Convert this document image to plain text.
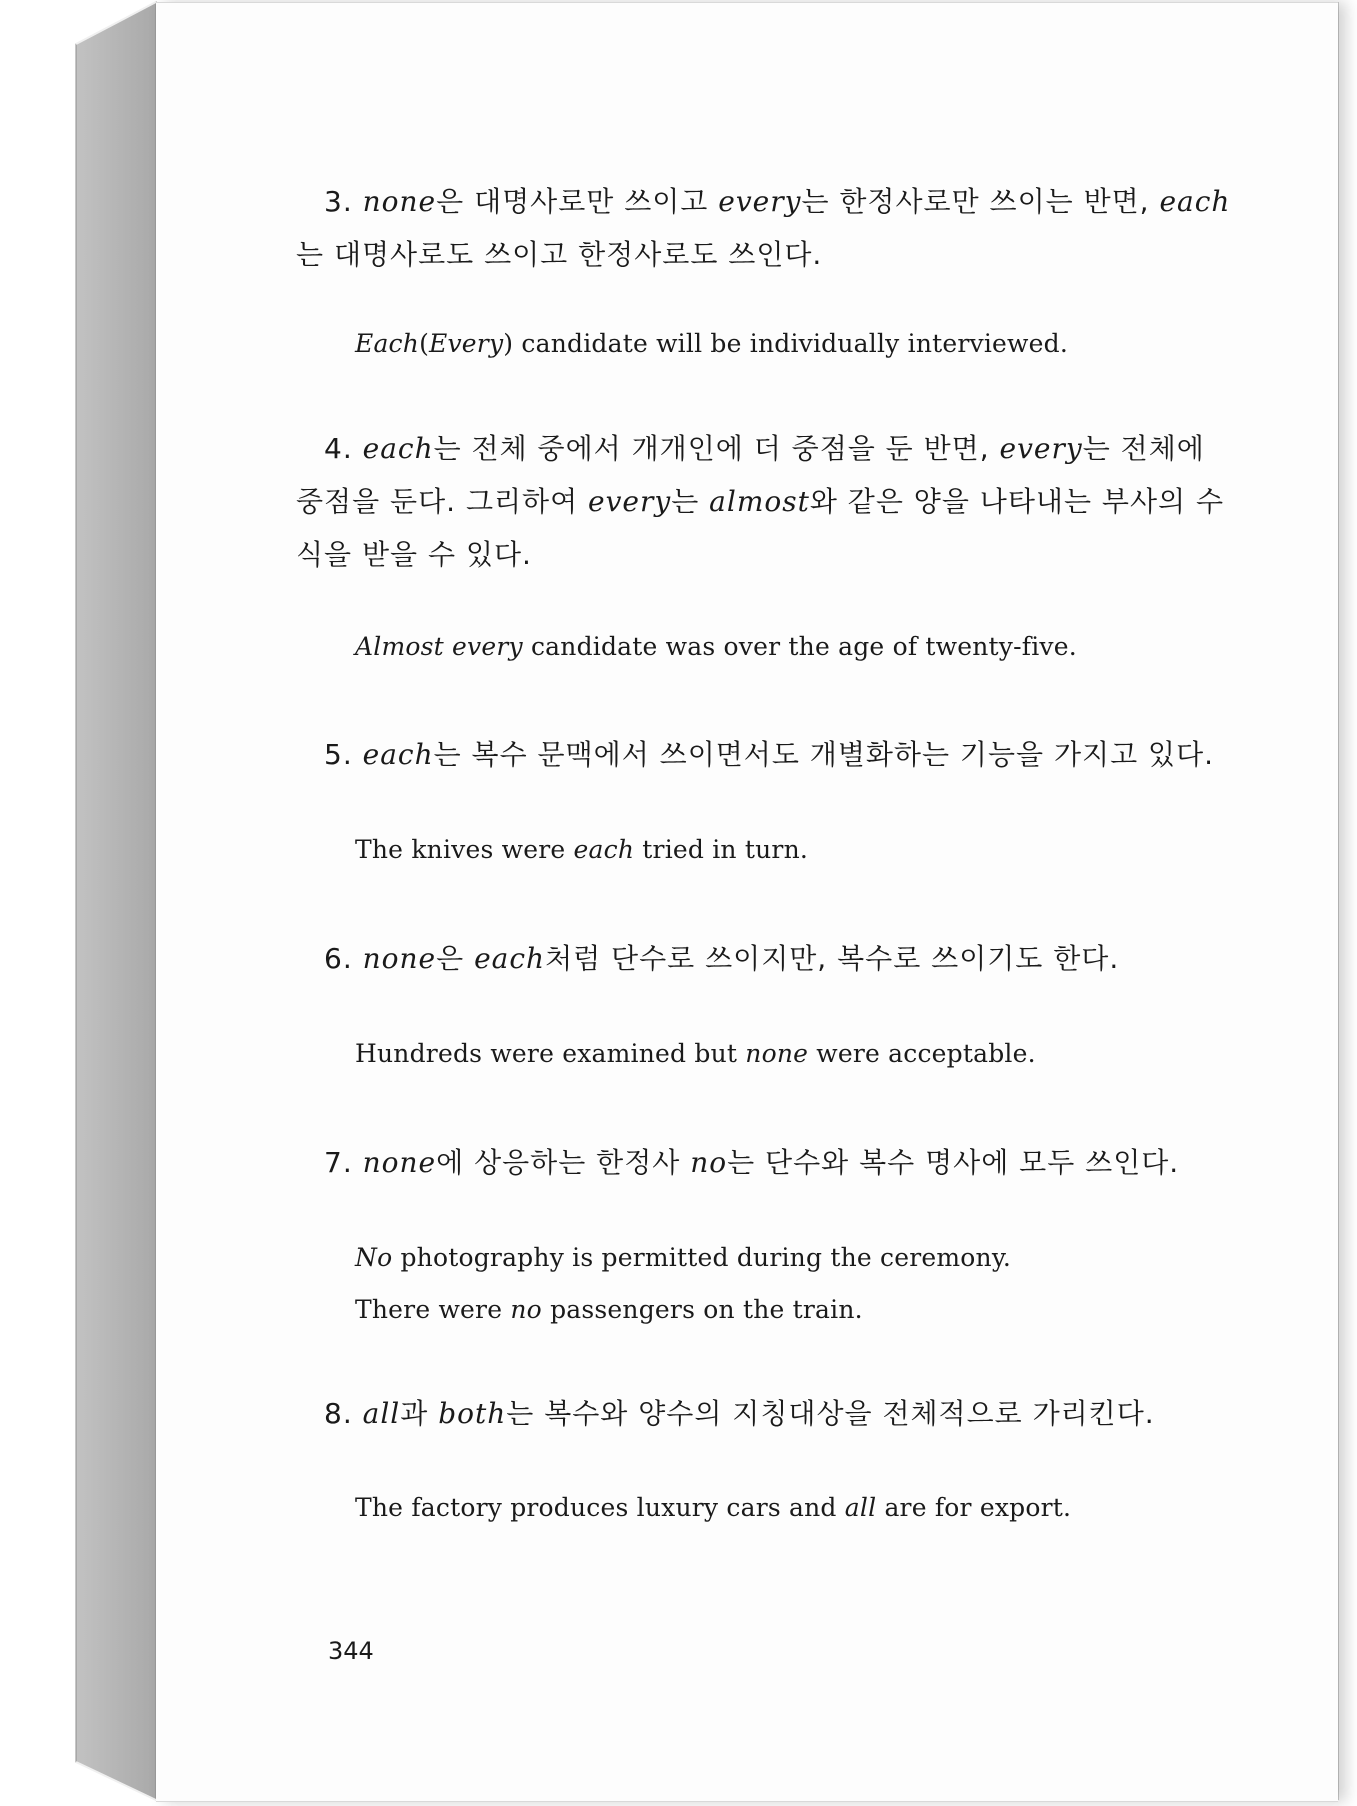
3. none은 대명사로만 쓰이고 every는 한정사로만 쓰이는 반면, each

는 대명사로도 쓰이고 한정사로도 쓰인다.

Each(Every) candidate will be individually interviewed.

4. each는 전체 중에서 개개인에 더 중점을 둔 반면, every는 전체에

중점을 둔다. 그리하여 every는 almost와 같은 양을 나타내는 부사의 수

식을 받을 수 있다.

Almost every candidate was over the age of twenty-five.

5. each는 복수 문맥에서 쓰이면서도 개별화하는 기능을 가지고 있다.

The knives were each tried in turn.

6. none은 each처럼 단수로 쓰이지만, 복수로 쓰이기도 한다.

Hundreds were examined but none were acceptable.

7. none에 상응하는 한정사 no는 단수와 복수 명사에 모두 쓰인다.

No photography is permitted during the ceremony.

There were no passengers on the train.

8. all과 both는 복수와 양수의 지칭대상을 전체적으로 가리킨다.

The factory produces luxury cars and all are for export.

344
